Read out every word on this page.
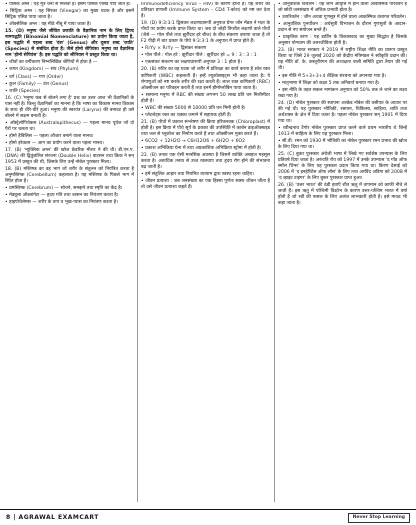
• पैसिक अम्ल : यह मूत्र चना से मिलता है। इसमें पैसिक एसिड पाये जाते हैं।

• सिट्रिक अम्ल : यह सिरका (Vinegar) का मुख्य घटक है और इसमें सिट्रिक एसिड पाया जाता है।

• ऑक्सेलिक अम्ल : यह मीठे नींबू में पाया जाता है।

15. (D) मनुष्य जैसे जीवित प्रजाति के वैज्ञानिक नाम के लिए द्विपद नामपद्धति (Binomial Nomenclature) का प्रयोग किया जाता है, इस पद्धति में पहला शब्द 'वंश' (Genus) और दूसरा शब्द 'जाति' (Species) से संबंधित होता है। जैसे होमो सेपियंस। मनुष्य का वैज्ञानिक नाम 'होमो सेपियंस' है। इस पद्धति को लीनियस ने प्रस्तुत किया था।

• जीवों का वर्गीकरण निम्नलिखित श्रेणियों में होता है —

• जगत (Kingdom) — संघ (Phylum)

• वर्ग (Class) — गण (Order)

• कुल (Family) — वंश (Genus)

• जाति (Species)

16. (C) 'मनुष्य कब से बोलने लगा है' प्रश्न का उत्तर आज भी वैज्ञानिकों के पास नहीं है। किन्तु वैज्ञानिकों का मानना है कि भाषा का विकास मानव विकास के साथ ही धीरे-धीरे हुआ। मनुष्य की स्वरयंत्र (Larynx) की बनावट ही उसे बोलने में सक्षम बनाती है।

• ऑस्ट्रेलोपिथेकस (Australopithecus) — पहला मानव पूर्वज जो दो पैरों पर चलता था।

• होमो हैबिलिस — पहला औजार बनाने वाला मानव।

• होमो इरेक्टस — आग का प्रयोग करने वाला पहला मानव।

17. (B) 'न्यूक्लिक अम्ल' की खोज फ्रेडरिक मीशर ने की थी। डी.एन.ए. (DNA) की द्विकुंडलित संरचना (Double Helix) वाटसन तथा क्रिक ने सन् 1953 में प्रस्तुत की थी, जिसके लिए उन्हें नोबेल पुरस्कार मिला।

18. (B) मस्तिष्क का वह भाग जो शरीर के संतुलन को नियंत्रित करता है अनुमस्तिष्क (Cerebellum) कहलाता है। यह मस्तिष्क के पिछले भाग में स्थित होता है।

• प्रमस्तिष्क (Cerebrum) — सोचने, समझने तथा स्मृति का केंद्र है।

• मेड्यूला ऑब्लांगेटा — हृदय गति तथा श्वसन का नियंत्रण करता है।

• हाइपोथैलेमस — शरीर के ताप व भूख-प्यास का नियंत्रण करता है।

Immunodeficiency Virus – HIV) के कारण होता है। यह शरीर की प्रतिरक्षा प्रणाली (Immune System – CD4 T-कोश) को नष्ट कर देता है।

19. (D) 9:3:3:1 द्विसंकर लक्षणप्रारूपी अनुपात ग्रेगर जॉन मेंडल ने मटर के पौधों पर प्रयोग करके प्राप्त किया था। जब दो जोड़ी विपरीत लक्षणों वाले पौधों (जैसे — गोल पीले तथा झुर्रीदार हरे बीज) के बीच संकरण कराया जाता है तो F2 पीढ़ी में चार प्रकार के पौधे 9:3:3:1 के अनुपात में प्राप्त होते हैं।

• RrYy × RrYy — द्विसंकर संकरण

• गोल पीले : गोल हरे : झुर्रीदार पीले : झुर्रीदार हरे = 9 : 3 : 3 : 1

• एकसंकर संकरण का लक्षणप्रारूपी अनुपात 3 : 1 होता है।

20. (B) रुधिर का वह घटक जो शरीर में प्रतिरक्षा का कार्य करता है श्वेत रक्त कणिकाएँ (WBC) कहलाती हैं। इन्हें ल्यूकोसाइट्स भी कहा जाता है। ये रोगाणुओं को नष्ट करके शरीर की रक्षा करती हैं। लाल रक्त कणिकाएँ (RBC) ऑक्सीजन का परिवहन करती हैं तथा इनमें हीमोग्लोबिन पाया जाता है।

• सामान्य मनुष्य में RBC की संख्या लगभग 50 लाख प्रति घन मिलीमीटर होती है।

• WBC की संख्या 5000 से 10000 प्रति घन मिमी होती है।

• प्लेटलेट्स रक्त का थक्का जमाने में सहायक होती हैं।

21. (B) पौधों में प्रकाश संश्लेषण की क्रिया हरितलवक (Chloroplast) में होती है। इस क्रिया में पौधे सूर्य के प्रकाश की उपस्थिति में कार्बन डाइऑक्साइड तथा जल से ग्लूकोज का निर्माण करते हैं तथा ऑक्सीजन मुक्त करते हैं।

• 6CO2 + 12H2O → C6H12O6 + 6H2O + 6O2

• प्रकाश अभिक्रिया ग्रेना में तथा अप्रकाशिक अभिक्रिया स्ट्रोमा में होती है।

22. (B) तनाव एक ऐसी मानसिक अवस्था है जिसमें व्यक्ति असहज महसूस करता है। अत्यधिक तनाव से उच्च रक्तचाप तथा हृदय रोग होने की संभावना बढ़ जाती है।

• हमें संतुलित आहार तथा नियमित व्यायाम द्वारा स्वस्थ रहना चाहिए।

• जीवन प्रत्याशा : जब जनसंख्या का एक हिस्सा पूर्णतः स्वस्थ जीवन जीता है तो उसे जीवन प्रत्याशा कहते हैं।

• आनुवंशिक विचलन : यह जीन आवृत्ति में होने वाला आकस्मिक परिवर्तन है जो छोटी जनसंख्या में अधिक प्रभावी होता है।

• उत्परिवर्तन : जीन अथवा गुणसूत्र में होने वाला आकस्मिक वंशागत परिवर्तन।

• आनुवंशिक पुनर्योजन : अर्धसूत्री विभाजन के दौरान गुणसूत्रों के आदान-प्रदान से नए संयोजन बनते हैं।

• प्राकृतिक वरण : यह डार्विन के विकासवाद का मुख्य सिद्धांत है जिसके अनुसार योग्यतम की उत्तरजीविता होती है।

23. (B) भारत सरकार ने 2019 में राष्ट्रीय शिक्षा नीति का प्रारूप प्रस्तुत किया था जिसे 29 जुलाई 2020 को केंद्रीय मंत्रिमंडल ने स्वीकृति प्रदान की। यह नीति डॉ. के. कस्तूरीरंगन की अध्यक्षता वाली समिति द्वारा तैयार की गई थी।

• इस नीति में 5+3+3+4 शैक्षिक संरचना को अपनाया गया है।

• मातृभाषा में शिक्षा को कक्षा 5 तक अनिवार्य बनाया गया है।

• इस नीति के तहत सकल नामांकन अनुपात को 50% तक ले जाने का लक्ष्य रखा गया है।

24. (D) नोबेल पुरस्कार की स्थापना अल्फ्रेड नोबेल की वसीयत के आधार पर की गई थी। यह पुरस्कार भौतिकी, रसायन, चिकित्सा, साहित्य, शांति तथा अर्थशास्त्र के क्षेत्र में दिया जाता है। पहला नोबेल पुरस्कार सन् 1901 में दिया गया था।

• रवीन्द्रनाथ टैगोर नोबेल पुरस्कार प्राप्त करने वाले प्रथम भारतीय थे जिन्हें 1913 में साहित्य के लिए यह पुरस्कार मिला।

• सी.वी. रमन को 1930 में भौतिकी का नोबेल पुरस्कार रमन प्रभाव की खोज के लिए दिया गया था।

25. (C) बुकर पुरस्कार अंग्रेजी भाषा में लिखे गए सर्वश्रेष्ठ उपन्यास के लिए प्रतिवर्ष दिया जाता है। अरुंधति रॉय को 1997 में उनके उपन्यास 'द गॉड ऑफ स्मॉल थिंग्स' के लिए यह पुरस्कार प्रदान किया गया था। किरण देसाई को 2006 में 'द इनहेरिटेंस ऑफ लॉस' के लिए तथा अरविंद अडिगा को 2008 में 'द व्हाइट टाइगर' के लिए बुकर पुरस्कार प्राप्त हुआ।

26. (B) 'उत्तर भारत' की ठंडी हवाएँ शीत ऋतु में तापमान को काफी नीचे ले जाती हैं। इस ऋतु में पश्चिमी विक्षोभ के कारण उत्तर-पश्चिम भारत में वर्षा होती है जो रबी की फसल के लिए अत्यंत लाभकारी होती है। इसे मावठ भी कहा जाता है।

8 | AGRAWAL EXAMCART	Never Stop Learning
